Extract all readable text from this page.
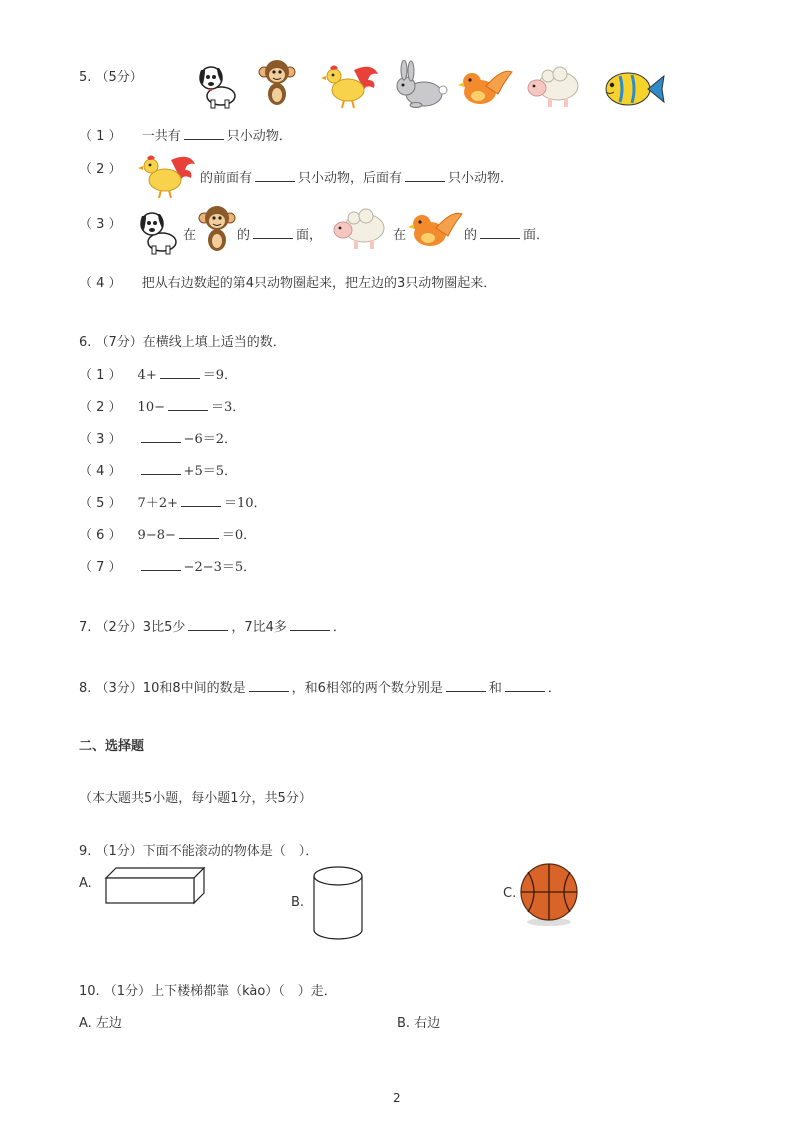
5. （5分）
（ 1 ） 一共有	只小动物．
（ 2 ）
的前面有	只小动物，后面有	只小动物．
（ 3 ）
在	的	面，	在	的	面．
（ 4 ） 把从右边数起的第4只动物圈起来，把左边的3只动物圈起来．
6. （7分）在横线上填上适当的数．
（ 1 ） 4+	＝9．
（ 2 ） 10−	＝3．
（ 3 ）	−6＝2．
（ 4 ）	+5＝5．
（ 5 ） 7＋2+	＝10．
（ 6 ） 9−8−	＝0．
（ 7 ）	−2−3＝5．
7. （2分）3比5少	，7比4多	．
8. （3分）10和8中间的数是	，和6相邻的两个数分别是	和	．
二、选择题
（本大题共5小题，每小题1分，共5分）
9. （1分）下面不能滚动的物体是（　）．
A.
B.
C.
10. （1分）上下楼梯都靠（kào）（　）走．
A. 左边	B. 右边
2
